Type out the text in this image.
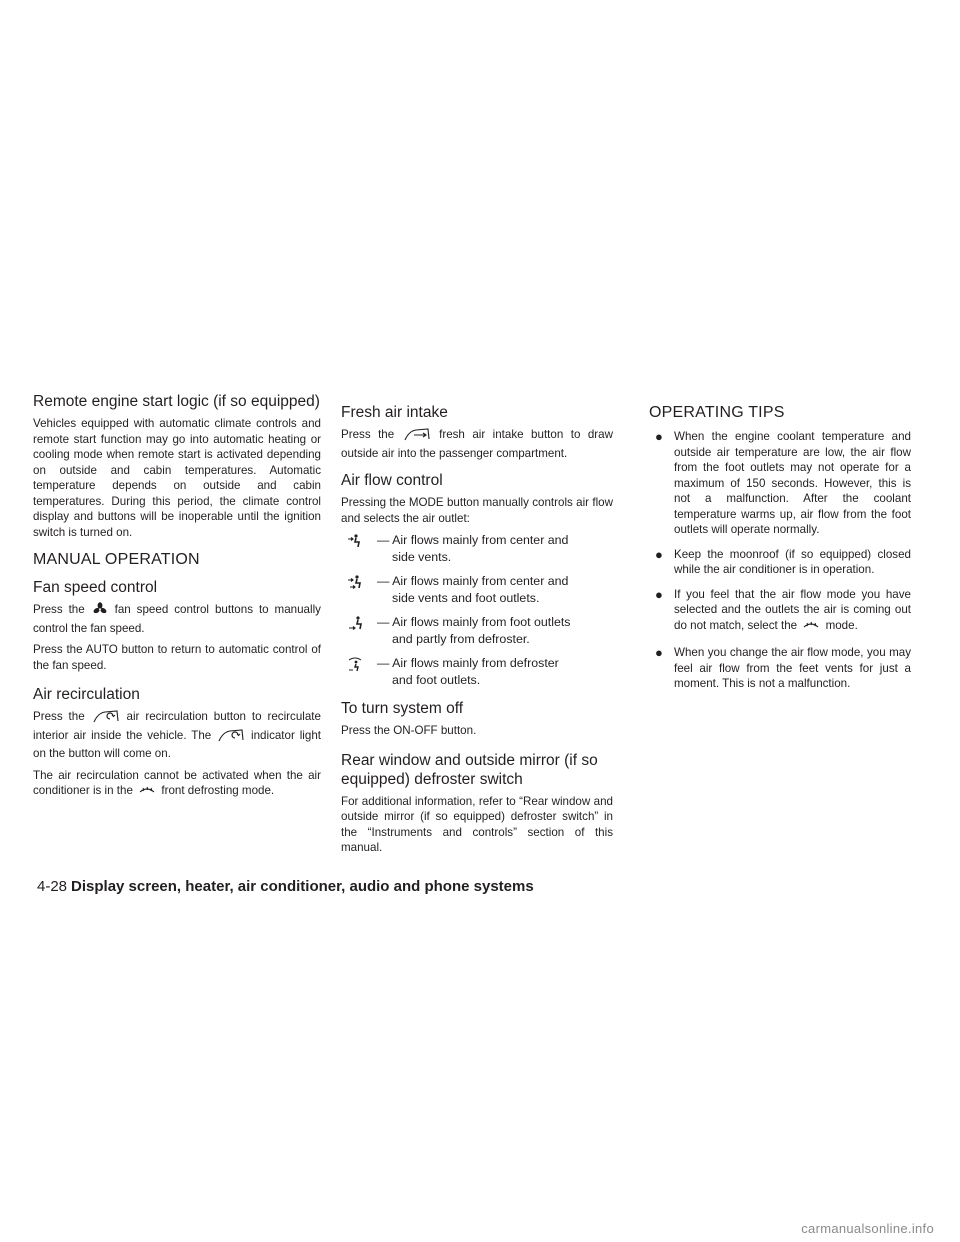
Remote engine start logic (if so equipped)

Vehicles equipped with automatic climate controls and remote start function may go into automatic heating or cooling mode when remote start is activated depending on outside and cabin temperatures. Automatic temperature depends on outside and cabin temperatures. During this period, the climate control display and buttons will be inoperable until the ignition switch is turned on.

MANUAL OPERATION
Fan speed control

Press the	fan speed control buttons to manually control the fan speed.

Press the AUTO button to return to automatic control of the fan speed.

Air recirculation

Press the	air recirculation button to recirculate interior air inside the vehicle. The	indicator light on the button will come on.

The air recirculation cannot be activated when the air conditioner is in the front defrosting mode.

Fresh air intake

Press the	fresh air intake button to draw outside air into the passenger compartment.

Air flow control

Pressing the MODE button manually controls air flow and selects the air outlet:

— Air flows mainly from center and
side vents.
— Air flows mainly from center and
side vents and foot outlets.
— Air flows mainly from foot outlets
and partly from defroster.
— Air flows mainly from defroster
and foot outlets.
To turn system off

Press the ON-OFF button.

Rear window and outside mirror (if so equipped) defroster switch

For additional information, refer to “Rear window and outside mirror (if so equipped) defroster switch” in the “Instruments and controls” section of this manual.

OPERATING TIPS
● When the engine coolant temperature and outside air temperature are low, the air flow from the foot outlets may not operate for a maximum of 150 seconds. However, this is not a malfunction. After the coolant temperature warms up, air flow from the foot outlets will operate normally.
● Keep the moonroof (if so equipped) closed while the air conditioner is in operation.
● If you feel that the air flow mode you have selected and the outlets the air is coming out do not match, select the mode.
● When you change the air flow mode, you may feel air flow from the feet vents for just a moment. This is not a malfunction.
4-28 Display screen, heater, air conditioner, audio and phone systems
carmanualsonline.info
